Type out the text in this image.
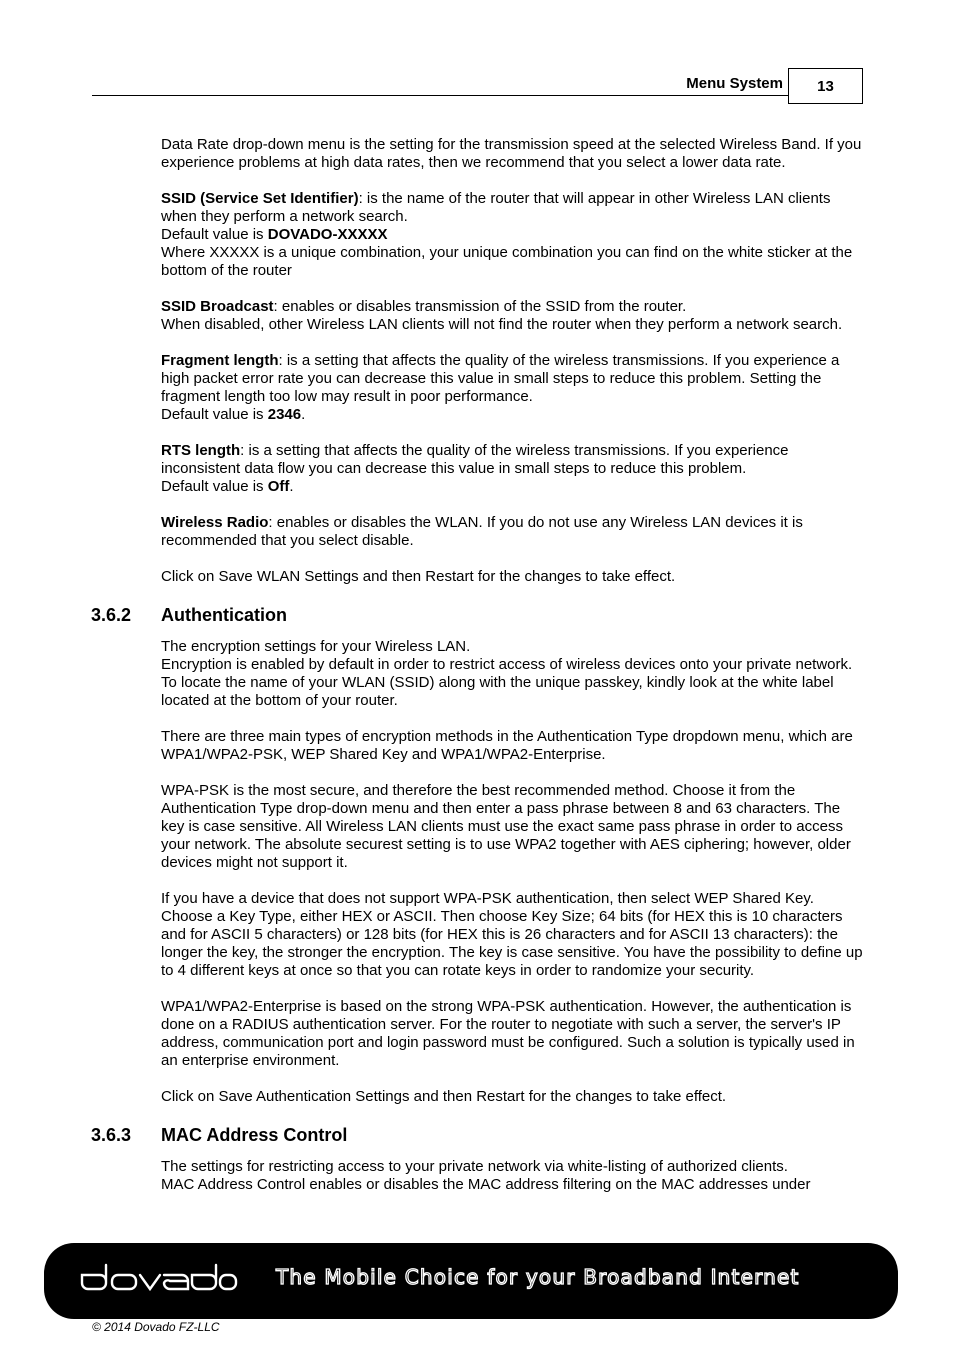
Menu System	13

Data Rate drop-down menu is the setting for the transmission speed at the selected Wireless Band. If you experience problems at high data rates, then we recommend that you select a lower data rate.

SSID (Service Set Identifier): is the name of the router that will appear in other Wireless LAN clients when they perform a network search.
Default value is DOVADO-XXXXX
Where XXXXX is a unique combination, your unique combination you can find on the white sticker at the bottom of the router

SSID Broadcast: enables or disables transmission of the SSID from the router.
When disabled, other Wireless LAN clients will not find the router when they perform a network search.

Fragment length: is a setting that affects the quality of the wireless transmissions. If you experience a high packet error rate you can decrease this value in small steps to reduce this problem. Setting the fragment length too low may result in poor performance.
Default value is 2346.

RTS length: is a setting that affects the quality of the wireless transmissions. If you experience inconsistent data flow you can decrease this value in small steps to reduce this problem.
Default value is Off.

Wireless Radio: enables or disables the WLAN. If you do not use any Wireless LAN devices it is recommended that you select disable.

Click on Save WLAN Settings and then Restart for the changes to take effect.

3.6.2 Authentication

The encryption settings for your Wireless LAN.
Encryption is enabled by default in order to restrict access of wireless devices onto your private network. To locate the name of your WLAN (SSID) along with the unique passkey, kindly look at the white label located at the bottom of your router.

There are three main types of encryption methods in the Authentication Type dropdown menu, which are WPA1/WPA2-PSK, WEP Shared Key and WPA1/WPA2-Enterprise.

WPA-PSK is the most secure, and therefore the best recommended method. Choose it from the Authentication Type drop-down menu and then enter a pass phrase between 8 and 63 characters. The key is case sensitive. All Wireless LAN clients must use the exact same pass phrase in order to access your network. The absolute securest setting is to use WPA2 together with AES ciphering; however, older devices might not support it.

If you have a device that does not support WPA-PSK authentication, then select WEP Shared Key. Choose a Key Type, either HEX or ASCII. Then choose Key Size; 64 bits (for HEX this is 10 characters and for ASCII 5 characters) or 128 bits (for HEX this is 26 characters and for ASCII 13 characters): the longer the key, the stronger the encryption. The key is case sensitive. You have the possibility to define up to 4 different keys at once so that you can rotate keys in order to randomize your security.

WPA1/WPA2-Enterprise is based on the strong WPA-PSK authentication. However, the authentication is done on a RADIUS authentication server. For the router to negotiate with such a server, the server's IP address, communication port and login password must be configured. Such a solution is typically used in an enterprise environment.

Click on Save Authentication Settings and then Restart for the changes to take effect.

3.6.3 MAC Address Control

The settings for restricting access to your private network via white-listing of authorized clients.
MAC Address Control enables or disables the MAC address filtering on the MAC addresses under

The Mobile Choice for your Broadband Internet
© 2014 Dovado FZ-LLC
